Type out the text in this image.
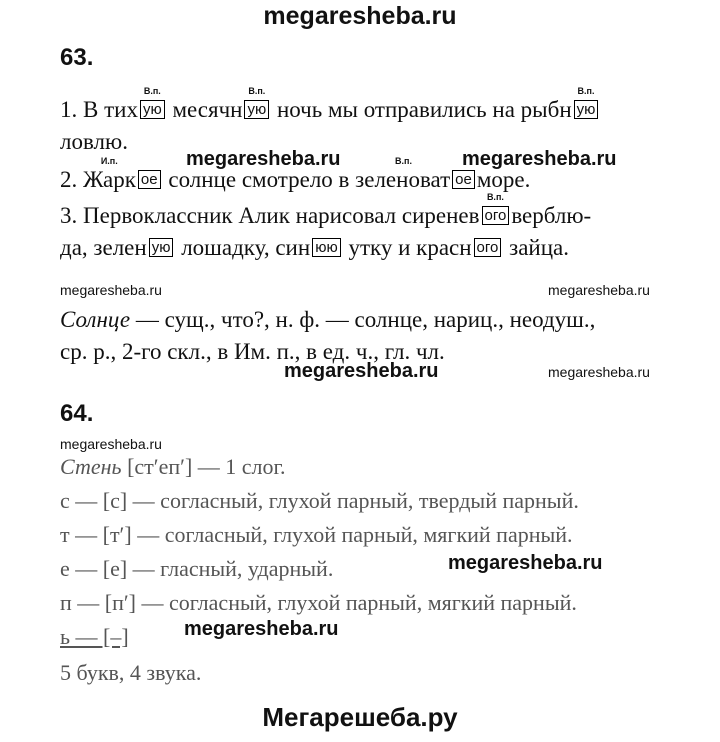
megaresheba.ru
63.
1. В тих
В.п.
ую месячн
В.п.
ую ночь мы отправились на рыбн
В.п.
ую
ловлю.
megaresheba.ru	megaresheba.ru
2. Жарк
И.п.
ое солнце смотрело в зеленоват
В.п.
ое море.
3. Первоклассник Алик нарисовал сиренев
В.п.
ого верблю-
да, зелен ую лошадку, син юю утку и красн ого зайца.
megaresheba.ru	megaresheba.ru
Солнце — сущ., что?, н. ф. — солнце, нариц., неодуш.,
ср. р., 2-го скл., в Им. п., в ед. ч., гл. чл.
megaresheba.ru	megaresheba.ru
64.
megaresheba.ru
Стень [ст′еп′] — 1 слог.
с — [с] — согласный, глухой парный, твердый парный.
т — [т′] — согласный, глухой парный, мягкий парный.
megaresheba.ru
е — [е] — гласный, ударный.
п — [п′] — согласный, глухой парный, мягкий парный.
ь — [–]	megaresheba.ru
5 букв, 4 звука.
Мегарешеба.ру
